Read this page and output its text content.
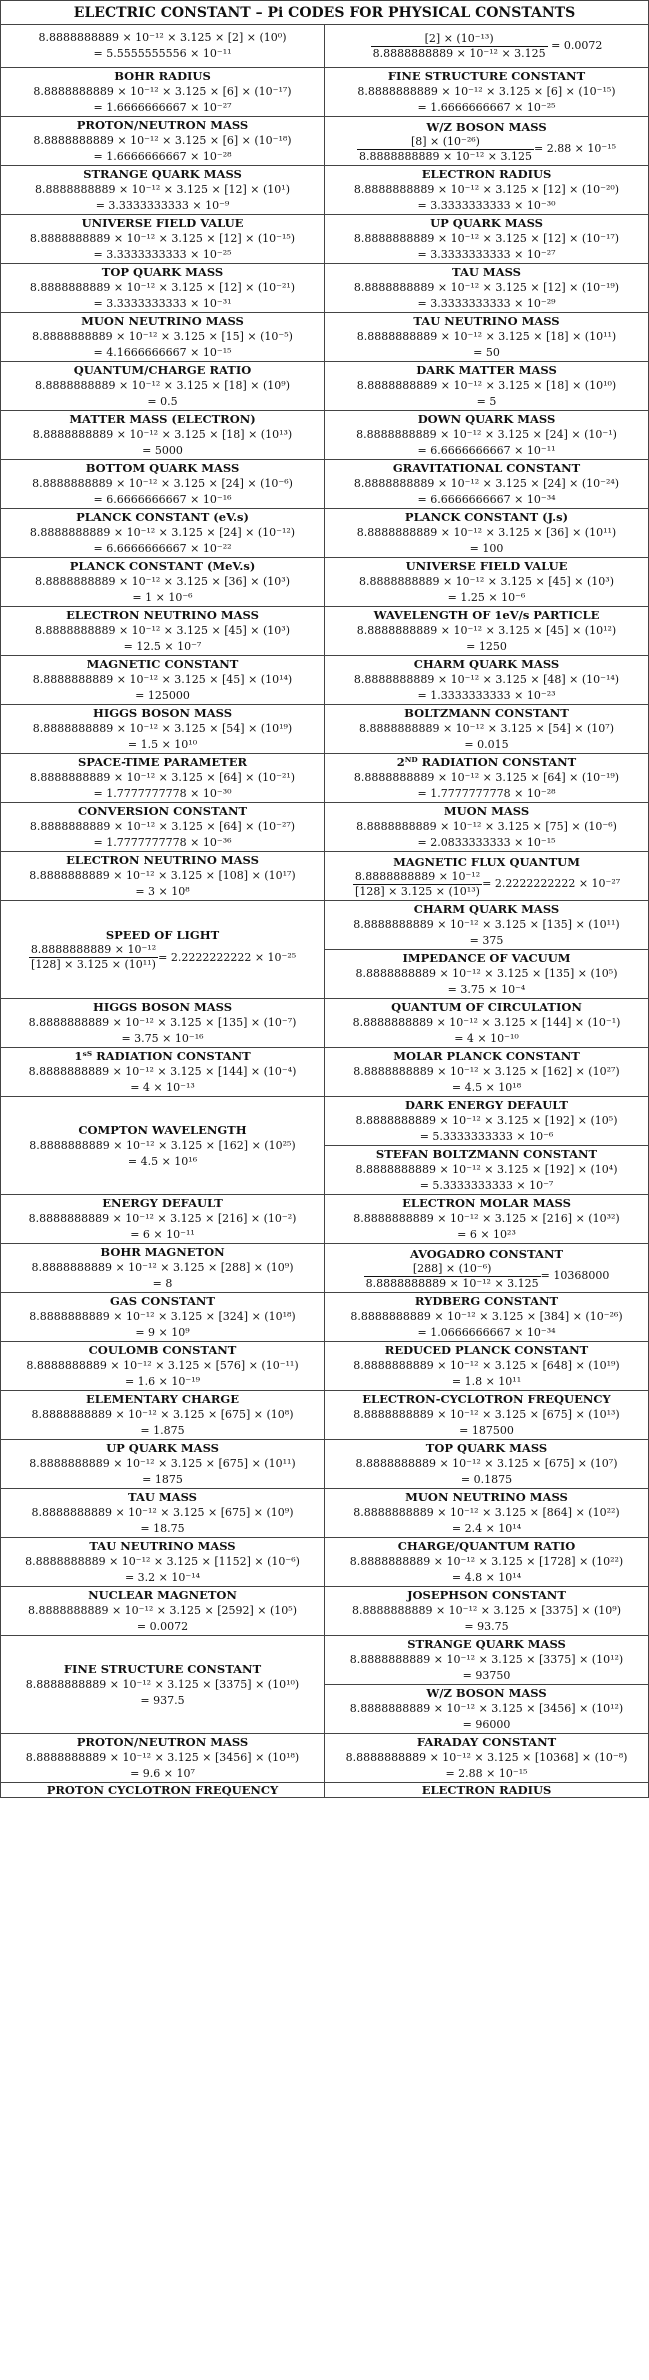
ELECTRIC CONSTANT – Pi CODES FOR PHYSICAL CONSTANTS	

8.8888888889 × 10⁻¹² × 3.125 × [2] × (10⁰)
= 5.5555555556 × 10⁻¹¹	$\frac{\text{[2] × (10⁻¹³)}}{\text{8.8888888889 × 10⁻¹² × 3.125}} = 0.0072$

BOHR RADIUS
8.8888888889 × 10⁻¹² × 3.125 × [6] × (10⁻¹⁷)
= 1.6666666667 × 10⁻²⁷	FINE STRUCTURE CONSTANT
8.8888888889 × 10⁻¹² × 3.125 × [6] × (10⁻¹⁵)
= 1.6666666667 × 10⁻²⁵

PROTON/NEUTRON MASS
8.8888888889 × 10⁻¹² × 3.125 × [6] × (10⁻¹⁸)
= 1.6666666667 × 10⁻²⁸	W/Z BOSON MASS
$\frac{\text{[8] × (10⁻²⁶)}}{\text{8.8888888889 × 10⁻¹² × 3.125}} = 2.88 \times 10^{-15}$

STRANGE QUARK MASS
8.8888888889 × 10⁻¹² × 3.125 × [12] × (10¹)
= 3.3333333333 × 10⁻⁹	ELECTRON RADIUS
8.8888888889 × 10⁻¹² × 3.125 × [12] × (10⁻²⁰)
= 3.3333333333 × 10⁻³⁰

UNIVERSE FIELD VALUE
8.8888888889 × 10⁻¹² × 3.125 × [12] × (10⁻¹⁵)
= 3.3333333333 × 10⁻²⁵	UP QUARK MASS
8.8888888889 × 10⁻¹² × 3.125 × [12] × (10⁻¹⁷)
= 3.3333333333 × 10⁻²⁷

TOP QUARK MASS
8.8888888889 × 10⁻¹² × 3.125 × [12] × (10⁻²¹)
= 3.3333333333 × 10⁻³¹	TAU MASS
8.8888888889 × 10⁻¹² × 3.125 × [12] × (10⁻¹⁹)
= 3.3333333333 × 10⁻²⁹

MUON NEUTRINO MASS
8.8888888889 × 10⁻¹² × 3.125 × [15] × (10⁻⁵)
= 4.1666666667 × 10⁻¹⁵	TAU NEUTRINO MASS
8.8888888889 × 10⁻¹² × 3.125 × [18] × (10¹¹)
= 50

QUANTUM/CHARGE RATIO
8.8888888889 × 10⁻¹² × 3.125 × [18] × (10⁹)
= 0.5	DARK MATTER MASS
8.8888888889 × 10⁻¹² × 3.125 × [18] × (10¹⁰)
= 5

MATTER MASS (ELECTRON)
8.8888888889 × 10⁻¹² × 3.125 × [18] × (10¹³)
= 5000	DOWN QUARK MASS
8.8888888889 × 10⁻¹² × 3.125 × [24] × (10⁻¹)
= 6.6666666667 × 10⁻¹¹

BOTTOM QUARK MASS
8.8888888889 × 10⁻¹² × 3.125 × [24] × (10⁻⁶)
= 6.6666666667 × 10⁻¹⁶	GRAVITATIONAL CONSTANT
8.8888888889 × 10⁻¹² × 3.125 × [24] × (10⁻²⁴)
= 6.6666666667 × 10⁻³⁴

PLANCK CONSTANT (eV.s)
8.8888888889 × 10⁻¹² × 3.125 × [24] × (10⁻¹²)
= 6.6666666667 × 10⁻²²	PLANCK CONSTANT (J.s)
8.8888888889 × 10⁻¹² × 3.125 × [36] × (10¹¹)
= 100

PLANCK CONSTANT (MeV.s)
8.8888888889 × 10⁻¹² × 3.125 × [36] × (10³)
= 1 × 10⁻⁶	UNIVERSE FIELD VALUE
8.8888888889 × 10⁻¹² × 3.125 × [45] × (10³)
= 1.25 × 10⁻⁶

ELECTRON NEUTRINO MASS
8.8888888889 × 10⁻¹² × 3.125 × [45] × (10³)
= 12.5 × 10⁻⁷	WAVELENGTH OF 1eV/s PARTICLE
8.8888888889 × 10⁻¹² × 3.125 × [45] × (10¹²)
= 1250

MAGNETIC CONSTANT
8.8888888889 × 10⁻¹² × 3.125 × [45] × (10¹⁴)
= 125000	CHARM QUARK MASS
8.8888888889 × 10⁻¹² × 3.125 × [48] × (10⁻¹⁴)
= 1.3333333333 × 10⁻²³

HIGGS BOSON MASS
8.8888888889 × 10⁻¹² × 3.125 × [54] × (10¹⁹)
= 1.5 × 10¹⁰	BOLTZMANN CONSTANT
8.8888888889 × 10⁻¹² × 3.125 × [54] × (10⁷)
= 0.015

SPACE-TIME PARAMETER
8.8888888889 × 10⁻¹² × 3.125 × [64] × (10⁻²¹)
= 1.7777777778 × 10⁻³⁰	2ᴺᴰ RADIATION CONSTANT
8.8888888889 × 10⁻¹² × 3.125 × [64] × (10⁻¹⁹)
= 1.7777777778 × 10⁻²⁸

CONVERSION CONSTANT
8.8888888889 × 10⁻¹² × 3.125 × [64] × (10⁻²⁷)
= 1.7777777778 × 10⁻³⁶	MUON MASS
8.8888888889 × 10⁻¹² × 3.125 × [75] × (10⁻⁶)
= 2.0833333333 × 10⁻¹⁵

ELECTRON NEUTRINO MASS
8.8888888889 × 10⁻¹² × 3.125 × [108] × (10¹⁷)
= 3 × 10⁸	MAGNETIC FLUX QUANTUM
$\frac{\text{8.8888888889 × 10⁻¹²}}{\text{[128] × 3.125 × (10¹³)}} = 2.2222222222 \times 10^{-27}$

SPEED OF LIGHT
$\frac{\text{8.8888888889 × 10⁻¹²}}{\text{[128] × 3.125 × (10¹¹)}} = 2.2222222222 \times 10^{-25}$	CHARM QUARK MASS
8.8888888889 × 10⁻¹² × 3.125 × [135] × (10¹¹)
= 375

	IMPEDANCE OF VACUUM
8.8888888889 × 10⁻¹² × 3.125 × [135] × (10⁵)
= 3.75 × 10⁻⁴

HIGGS BOSON MASS
8.8888888889 × 10⁻¹² × 3.125 × [135] × (10⁻⁷)
= 3.75 × 10⁻¹⁶	QUANTUM OF CIRCULATION
8.8888888889 × 10⁻¹² × 3.125 × [144] × (10⁻¹)
= 4 × 10⁻¹⁰

1ˢᵀ RADIATION CONSTANT
8.8888888889 × 10⁻¹² × 3.125 × [144] × (10⁻⁴)
= 4 × 10⁻¹³	MOLAR PLANCK CONSTANT
8.8888888889 × 10⁻¹² × 3.125 × [162] × (10²⁷)
= 4.5 × 10¹⁸

COMPTON WAVELENGTH
8.8888888889 × 10⁻¹² × 3.125 × [162] × (10²⁵)
= 4.5 × 10¹⁶	DARK ENERGY DEFAULT
8.8888888889 × 10⁻¹² × 3.125 × [192] × (10⁵)
= 5.3333333333 × 10⁻⁶

	STEFAN BOLTZMANN CONSTANT
8.8888888889 × 10⁻¹² × 3.125 × [192] × (10⁴)
= 5.3333333333 × 10⁻⁷

ENERGY DEFAULT
8.8888888889 × 10⁻¹² × 3.125 × [216] × (10⁻²)
= 6 × 10⁻¹¹	ELECTRON MOLAR MASS
8.8888888889 × 10⁻¹² × 3.125 × [216] × (10³²)
= 6 × 10²³

BOHR MAGNETON
8.8888888889 × 10⁻¹² × 3.125 × [288] × (10⁹)
= 8	AVOGADRO CONSTANT
$\frac{\text{[288] × (10⁻⁶)}}{\text{8.8888888889 × 10⁻¹² × 3.125}} = 10368000$

GAS CONSTANT
8.8888888889 × 10⁻¹² × 3.125 × [324] × (10¹⁸)
= 9 × 10⁹	RYDBERG CONSTANT
8.8888888889 × 10⁻¹² × 3.125 × [384] × (10⁻²⁶)
= 1.0666666667 × 10⁻³⁴

COULOMB CONSTANT
8.8888888889 × 10⁻¹² × 3.125 × [576] × (10⁻¹¹)
= 1.6 × 10⁻¹⁹	REDUCED PLANCK CONSTANT
8.8888888889 × 10⁻¹² × 3.125 × [648] × (10¹⁹)
= 1.8 × 10¹¹

ELEMENTARY CHARGE
8.8888888889 × 10⁻¹² × 3.125 × [675] × (10⁸)
= 1.875	ELECTRON-CYCLOTRON FREQUENCY
8.8888888889 × 10⁻¹² × 3.125 × [675] × (10¹³)
= 187500

UP QUARK MASS
8.8888888889 × 10⁻¹² × 3.125 × [675] × (10¹¹)
= 1875	TOP QUARK MASS
8.8888888889 × 10⁻¹² × 3.125 × [675] × (10⁷)
= 0.1875

TAU MASS
8.8888888889 × 10⁻¹² × 3.125 × [675] × (10⁹)
= 18.75	MUON NEUTRINO MASS
8.8888888889 × 10⁻¹² × 3.125 × [864] × (10²²)
= 2.4 × 10¹⁴

TAU NEUTRINO MASS
8.8888888889 × 10⁻¹² × 3.125 × [1152] × (10⁻⁶)
= 3.2 × 10⁻¹⁴	CHARGE/QUANTUM RATIO
8.8888888889 × 10⁻¹² × 3.125 × [1728] × (10²²)
= 4.8 × 10¹⁴

NUCLEAR MAGNETON
8.8888888889 × 10⁻¹² × 3.125 × [2592] × (10⁵)
= 0.0072	JOSEPHSON CONSTANT
8.8888888889 × 10⁻¹² × 3.125 × [3375] × (10⁹)
= 93.75

FINE STRUCTURE CONSTANT
8.8888888889 × 10⁻¹² × 3.125 × [3375] × (10¹⁰)
= 937.5	STRANGE QUARK MASS
8.8888888889 × 10⁻¹² × 3.125 × [3375] × (10¹²)
= 93750

	W/Z BOSON MASS
8.8888888889 × 10⁻¹² × 3.125 × [3456] × (10¹²)
= 96000

PROTON/NEUTRON MASS
8.8888888889 × 10⁻¹² × 3.125 × [3456] × (10¹⁸)
= 9.6 × 10⁷	FARADAY CONSTANT
8.8888888889 × 10⁻¹² × 3.125 × [10368] × (10⁻⁸)
= 2.88 × 10⁻¹⁵

PROTON CYCLOTRON FREQUENCY	ELECTRON RADIUS
